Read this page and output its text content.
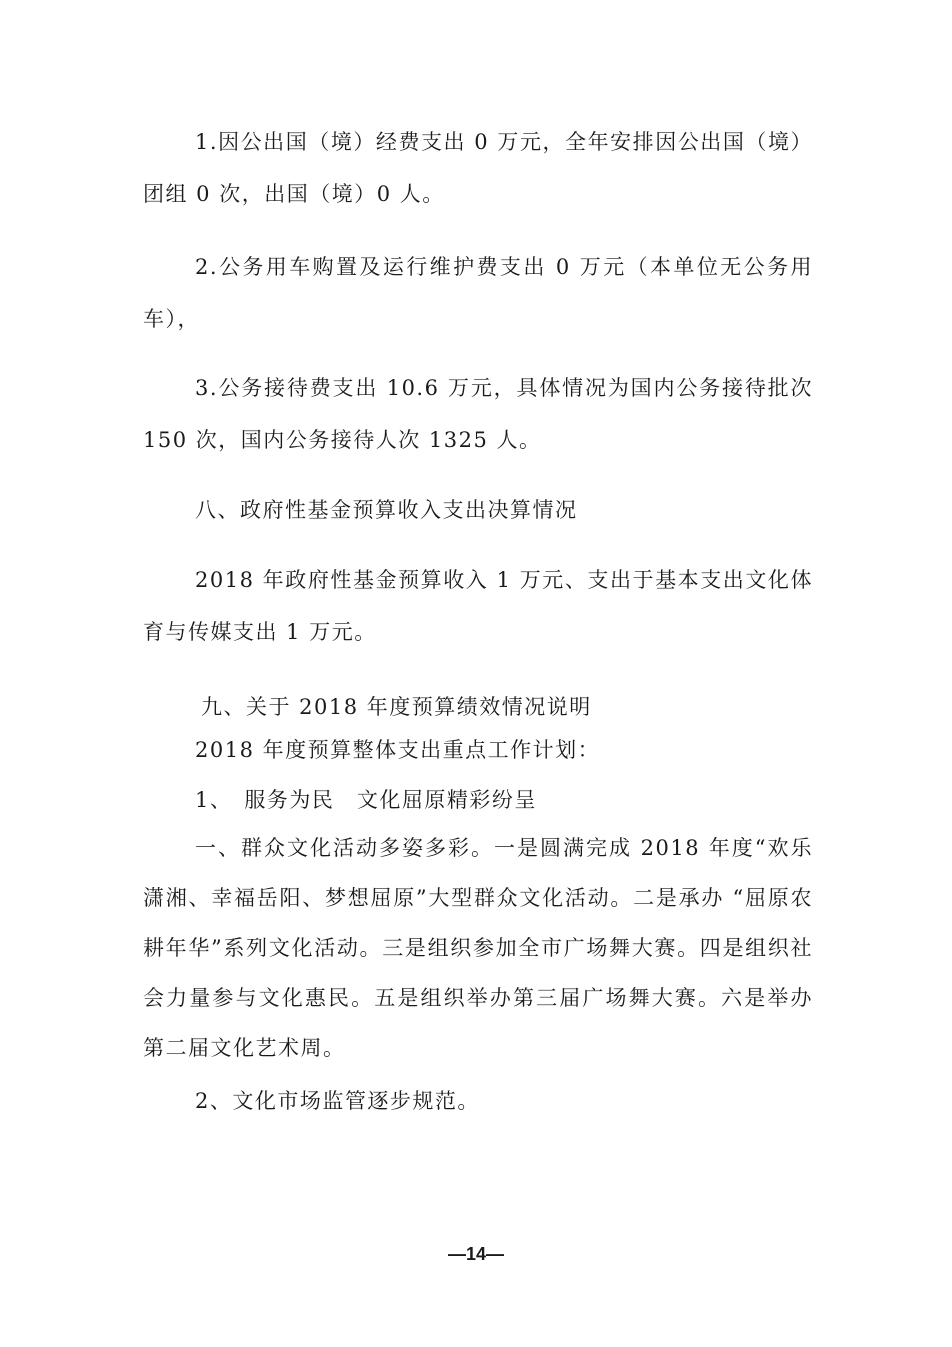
1.因公出国（境）经费支出 0 万元，全年安排因公出国（境）团组 0 次，出国（境）0 人。

2.公务用车购置及运行维护费支出 0 万元（本单位无公务用车），

3.公务接待费支出 10.6 万元，具体情况为国内公务接待批次 150 次，国内公务接待人次 1325 人。

八、政府性基金预算收入支出决算情况

2018 年政府性基金预算收入 1 万元、支出于基本支出文化体育与传媒支出 1 万元。

九、关于 2018 年度预算绩效情况说明

2018 年度预算整体支出重点工作计划：

1、　服务为民　文化屈原精彩纷呈

一、群众文化活动多姿多彩。一是圆满完成 2018 年度“欢乐潇湘、幸福岳阳、梦想屈原”大型群众文化活动。二是承办 “屈原农耕年华”系列文化活动。三是组织参加全市广场舞大赛。四是组织社会力量参与文化惠民。五是组织举办第三届广场舞大赛。六是举办第二届文化艺术周。

2、文化市场监管逐步规范。

—14—
